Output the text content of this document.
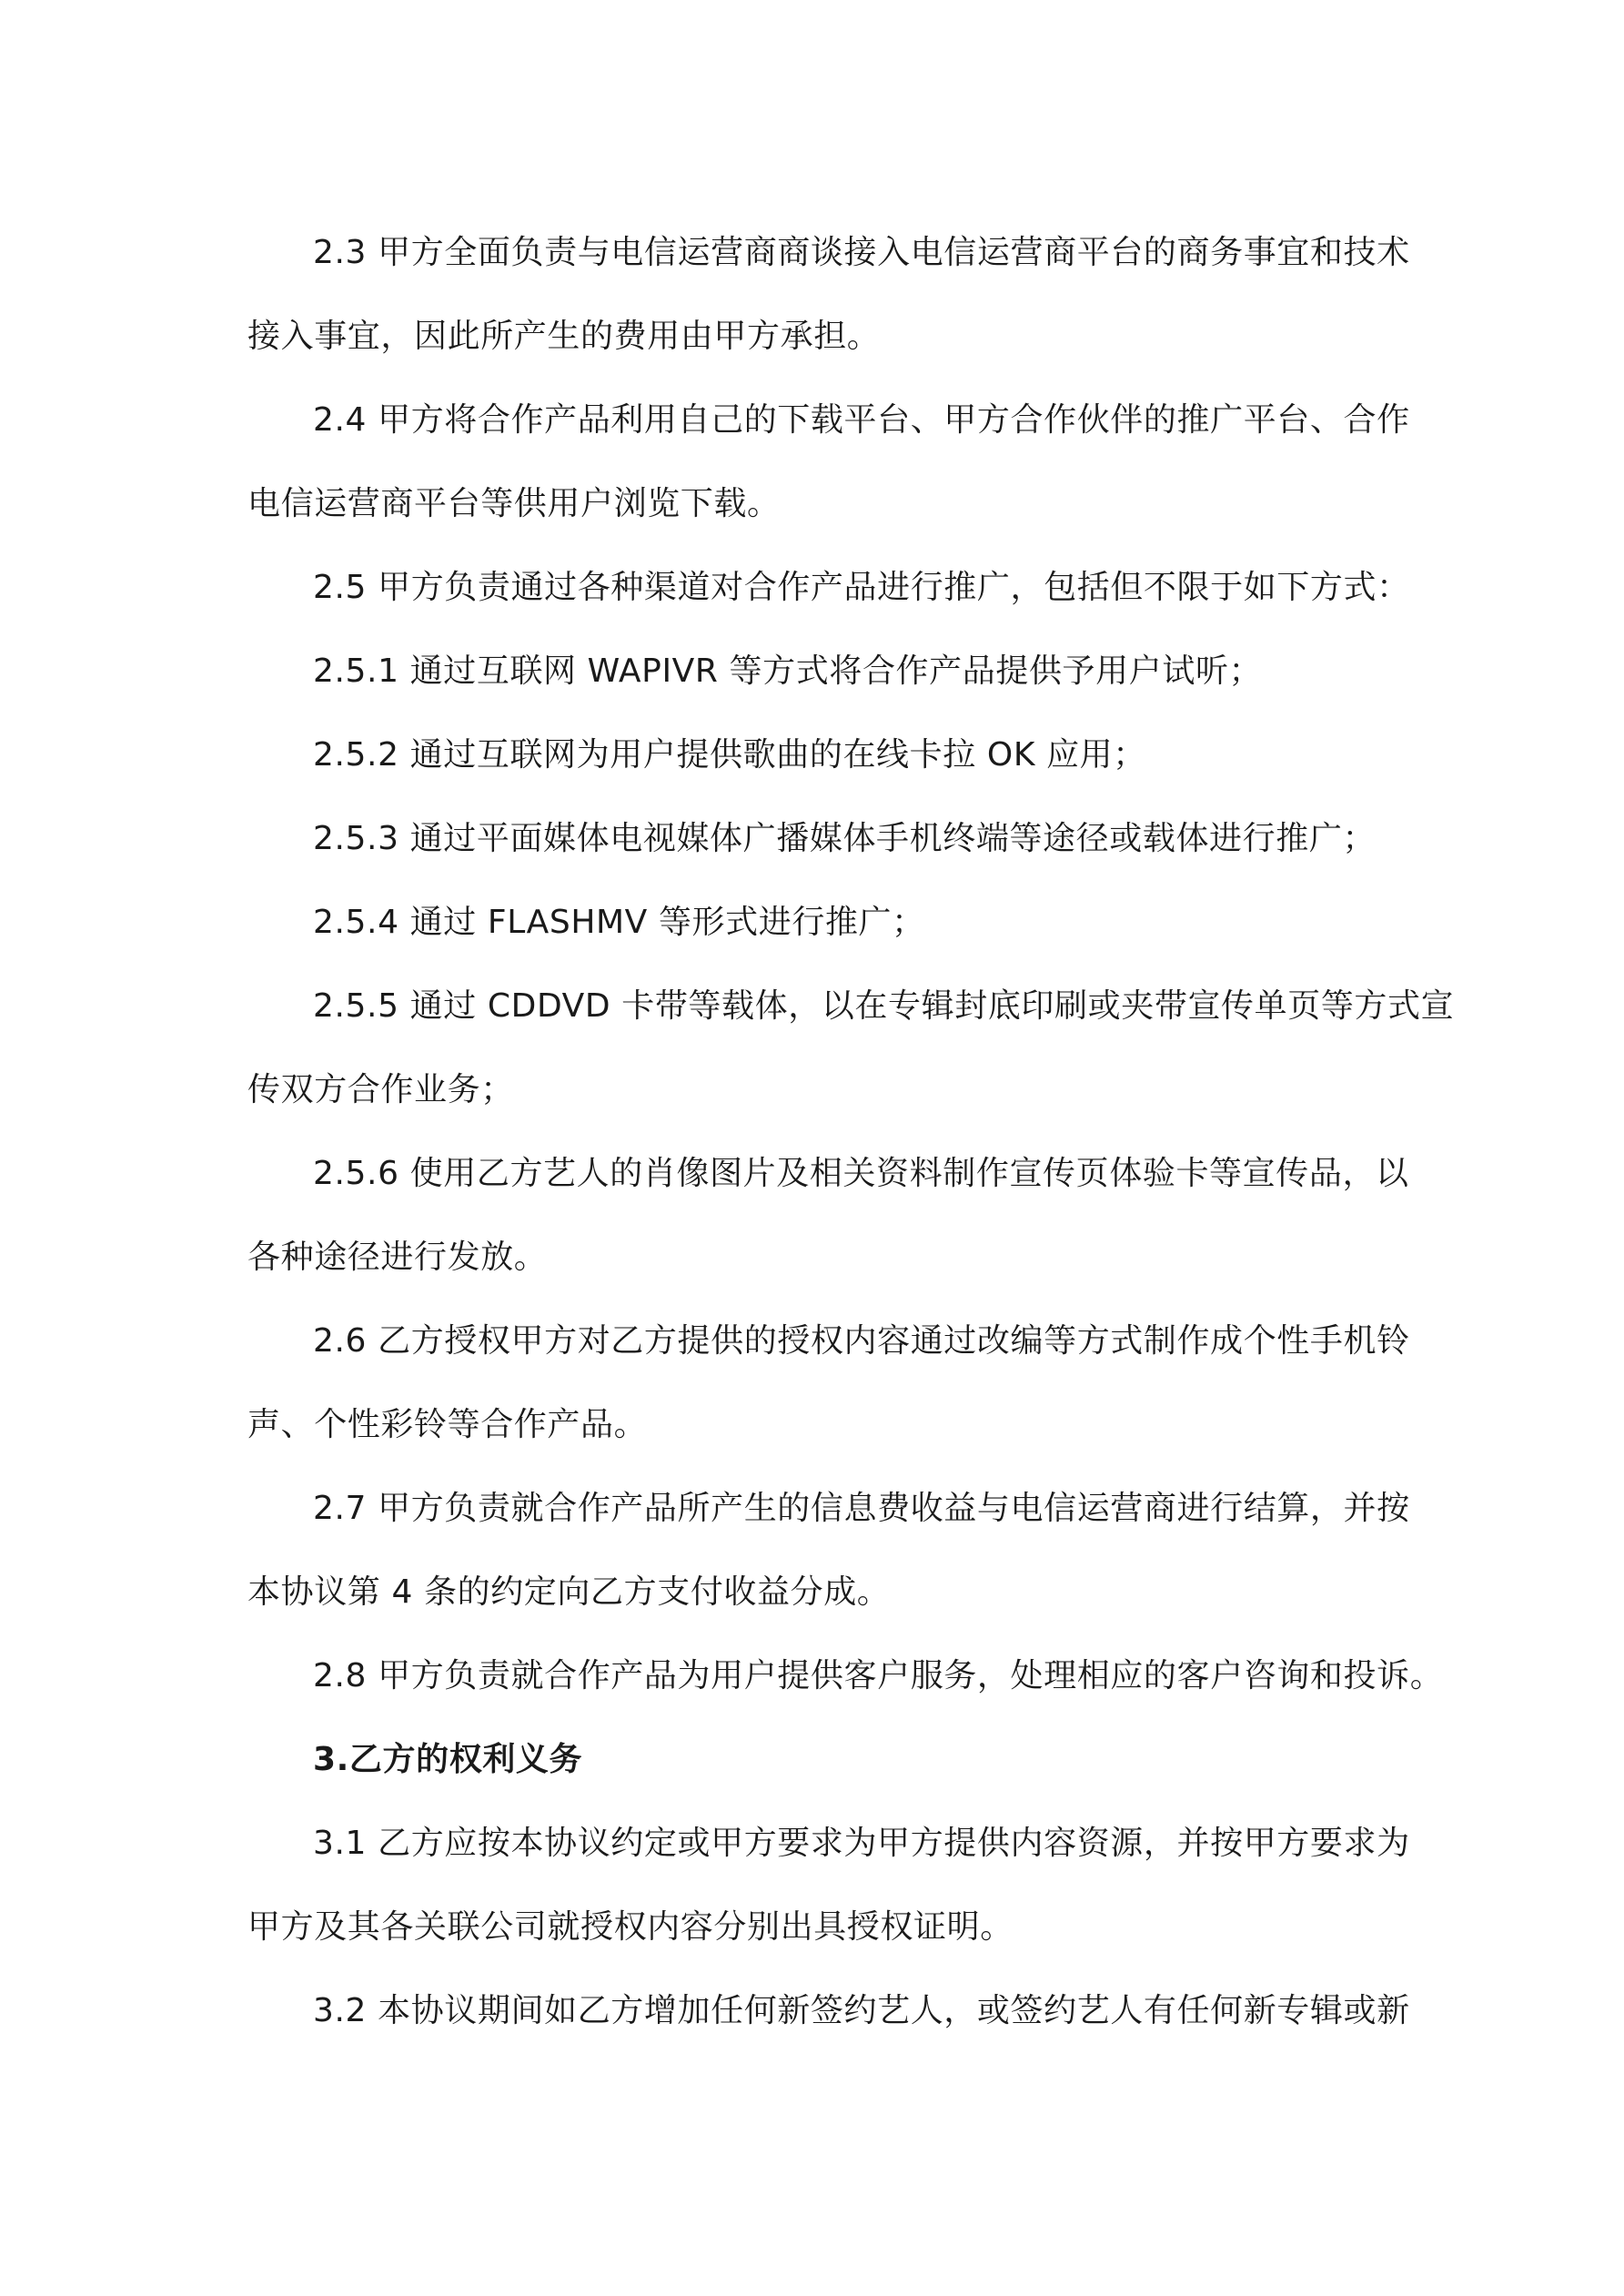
2.3 甲方全面负责与电信运营商商谈接入电信运营商平台的商务事宜和技术
接入事宜，因此所产生的费用由甲方承担。
2.4 甲方将合作产品利用自己的下载平台、甲方合作伙伴的推广平台、合作
电信运营商平台等供用户浏览下载。
2.5 甲方负责通过各种渠道对合作产品进行推广，包括但不限于如下方式：
2.5.1 通过互联网 WAPIVR 等方式将合作产品提供予用户试听；
2.5.2 通过互联网为用户提供歌曲的在线卡拉 OK 应用；
2.5.3 通过平面媒体电视媒体广播媒体手机终端等途径或载体进行推广；
2.5.4 通过 FLASHMV 等形式进行推广；
2.5.5 通过 CDDVD 卡带等载体，以在专辑封底印刷或夹带宣传单页等方式宣
传双方合作业务；
2.5.6 使用乙方艺人的肖像图片及相关资料制作宣传页体验卡等宣传品，以
各种途径进行发放。
2.6 乙方授权甲方对乙方提供的授权内容通过改编等方式制作成个性手机铃
声、个性彩铃等合作产品。
2.7 甲方负责就合作产品所产生的信息费收益与电信运营商进行结算，并按
本协议第 4 条的约定向乙方支付收益分成。
2.8 甲方负责就合作产品为用户提供客户服务，处理相应的客户咨询和投诉。
3.乙方的权利义务
3.1 乙方应按本协议约定或甲方要求为甲方提供内容资源，并按甲方要求为
甲方及其各关联公司就授权内容分别出具授权证明。
3.2 本协议期间如乙方增加任何新签约艺人，或签约艺人有任何新专辑或新
